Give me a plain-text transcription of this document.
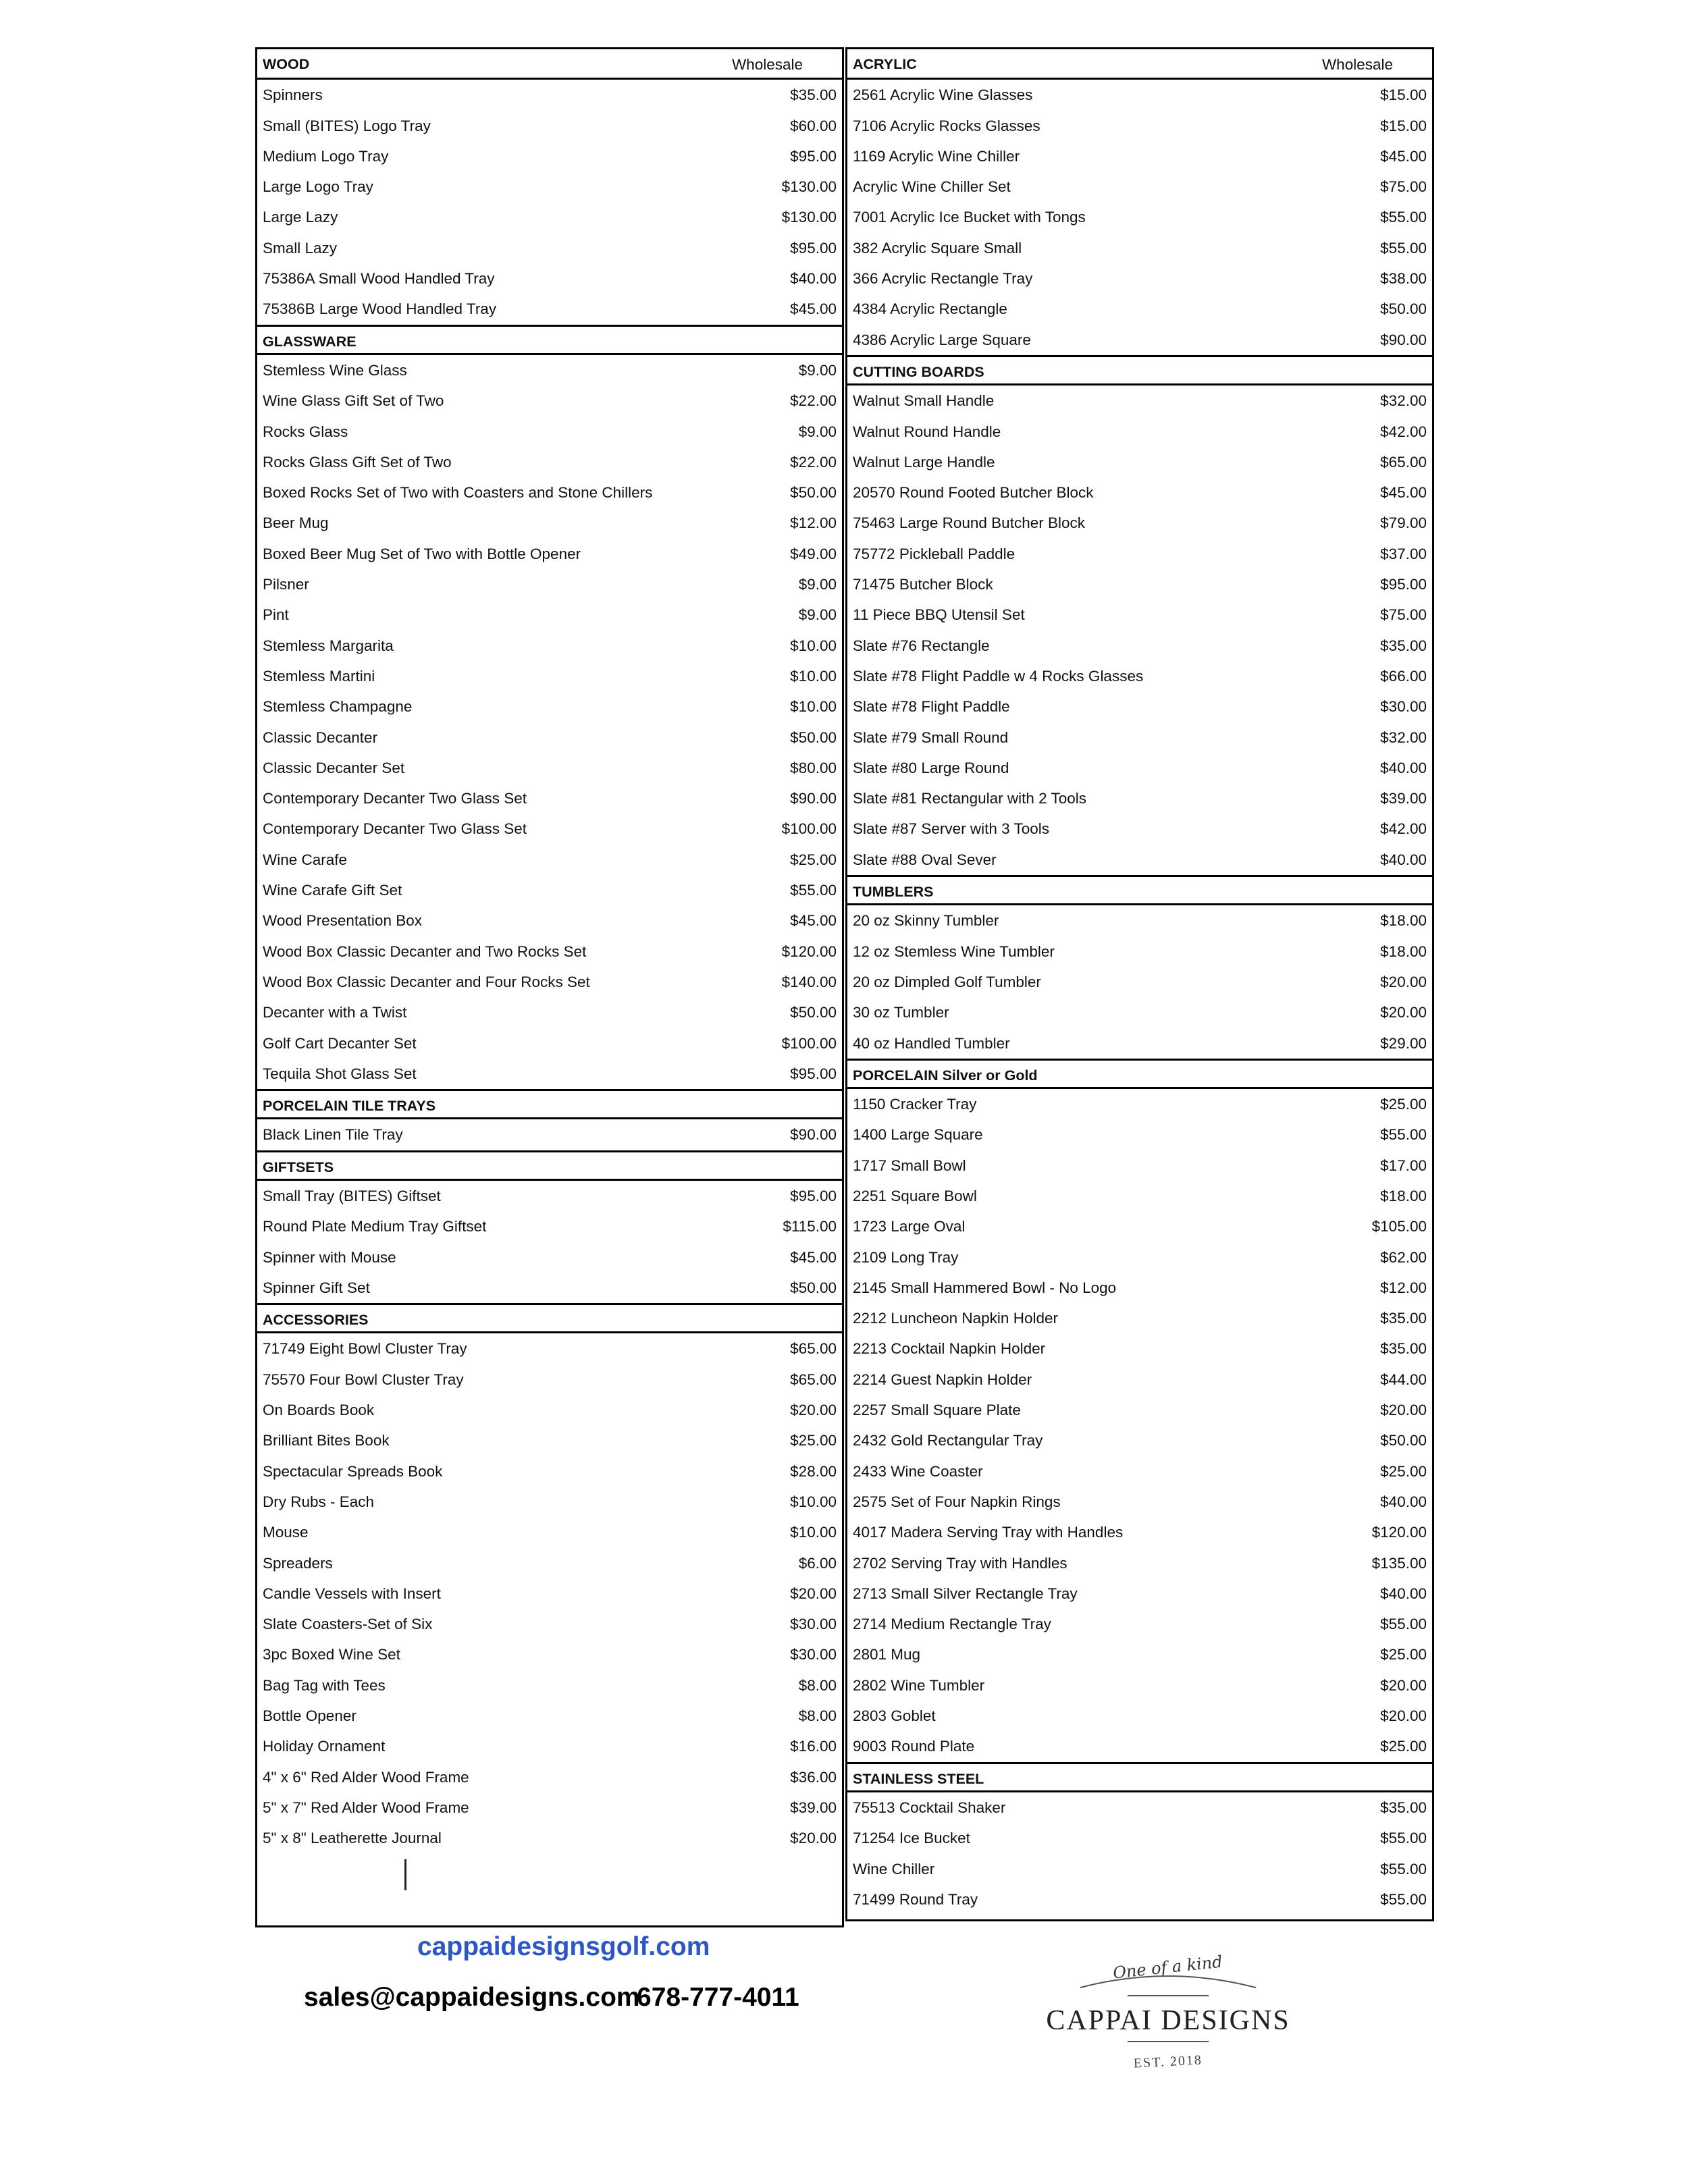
WOOD	Wholesale
Spinners	$35.00
Small (BITES) Logo Tray	$60.00
Medium Logo Tray	$95.00
Large Logo Tray	$130.00
Large Lazy	$130.00
Small Lazy	$95.00
75386A Small Wood Handled Tray	$40.00
75386B Large Wood Handled Tray	$45.00
GLASSWARE
Stemless Wine Glass	$9.00
Wine Glass Gift Set of Two	$22.00
Rocks Glass	$9.00
Rocks Glass Gift Set of Two	$22.00
Boxed Rocks Set of Two with Coasters and Stone Chillers	$50.00
Beer Mug	$12.00
Boxed Beer Mug Set of Two with Bottle Opener	$49.00
Pilsner	$9.00
Pint	$9.00
Stemless Margarita	$10.00
Stemless Martini	$10.00
Stemless Champagne	$10.00
Classic Decanter	$50.00
Classic Decanter Set	$80.00
Contemporary Decanter Two Glass Set	$90.00
Contemporary Decanter Two Glass Set	$100.00
Wine Carafe	$25.00
Wine Carafe Gift Set	$55.00
Wood Presentation Box	$45.00
Wood Box Classic Decanter and Two Rocks Set	$120.00
Wood Box Classic Decanter and Four Rocks Set	$140.00
Decanter with a Twist	$50.00
Golf Cart Decanter Set	$100.00
Tequila Shot Glass Set	$95.00
PORCELAIN TILE TRAYS
Black Linen Tile Tray	$90.00
GIFTSETS
Small Tray (BITES) Giftset	$95.00
Round Plate Medium Tray Giftset	$115.00
Spinner with Mouse	$45.00
Spinner Gift Set	$50.00
ACCESSORIES
71749 Eight Bowl Cluster Tray	$65.00
75570 Four Bowl Cluster Tray	$65.00
On Boards Book	$20.00
Brilliant Bites Book	$25.00
Spectacular Spreads Book	$28.00
Dry Rubs - Each	$10.00
Mouse	$10.00
Spreaders	$6.00
Candle Vessels with Insert	$20.00
Slate Coasters-Set of Six	$30.00
3pc Boxed Wine Set	$30.00
Bag Tag with Tees	$8.00
Bottle Opener	$8.00
Holiday Ornament	$16.00
4" x 6" Red Alder Wood Frame	$36.00
5" x 7" Red Alder Wood Frame	$39.00
5" x 8" Leatherette Journal	$20.00
ACRYLIC	Wholesale
2561 Acrylic Wine Glasses	$15.00
7106 Acrylic Rocks Glasses	$15.00
1169 Acrylic Wine Chiller	$45.00
Acrylic Wine Chiller Set	$75.00
7001 Acrylic Ice Bucket with Tongs	$55.00
382 Acrylic Square Small	$55.00
366 Acrylic Rectangle Tray	$38.00
4384 Acrylic Rectangle	$50.00
4386 Acrylic Large Square	$90.00
CUTTING BOARDS
Walnut Small Handle	$32.00
Walnut Round Handle	$42.00
Walnut Large Handle	$65.00
20570 Round Footed Butcher Block	$45.00
75463 Large Round Butcher Block	$79.00
75772 Pickleball Paddle	$37.00
71475 Butcher Block	$95.00
11 Piece BBQ Utensil Set	$75.00
Slate #76 Rectangle	$35.00
Slate #78 Flight Paddle w 4 Rocks Glasses	$66.00
Slate #78 Flight Paddle	$30.00
Slate #79 Small Round	$32.00
Slate #80 Large Round	$40.00
Slate #81 Rectangular with 2 Tools	$39.00
Slate #87 Server with 3 Tools	$42.00
Slate #88 Oval Sever	$40.00
TUMBLERS
20 oz Skinny Tumbler	$18.00
12 oz Stemless Wine Tumbler	$18.00
20 oz Dimpled Golf Tumbler	$20.00
30 oz Tumbler	$20.00
40 oz Handled Tumbler	$29.00
PORCELAIN Silver or Gold
1150 Cracker Tray	$25.00
1400 Large Square	$55.00
1717 Small Bowl	$17.00
2251 Square Bowl	$18.00
1723 Large Oval	$105.00
2109 Long Tray	$62.00
2145 Small Hammered Bowl - No Logo	$12.00
2212 Luncheon Napkin Holder	$35.00
2213 Cocktail Napkin Holder	$35.00
2214 Guest Napkin Holder	$44.00
2257 Small Square Plate	$20.00
2432 Gold Rectangular Tray	$50.00
2433 Wine Coaster	$25.00
2575 Set of Four Napkin Rings	$40.00
4017 Madera Serving Tray with Handles	$120.00
2702 Serving Tray with Handles	$135.00
2713 Small Silver Rectangle Tray	$40.00
2714 Medium Rectangle Tray	$55.00
2801 Mug	$25.00
2802 Wine Tumbler	$20.00
2803 Goblet	$20.00
9003 Round Plate	$25.00
STAINLESS STEEL
75513 Cocktail Shaker	$35.00
71254 Ice Bucket	$55.00
Wine Chiller	$55.00
71499 Round Tray	$55.00
cappaidesignsgolf.com
sales@cappaidesigns.com
678-777-4011
One of a kind
CAPPAI DESIGNS
EST. 2018
